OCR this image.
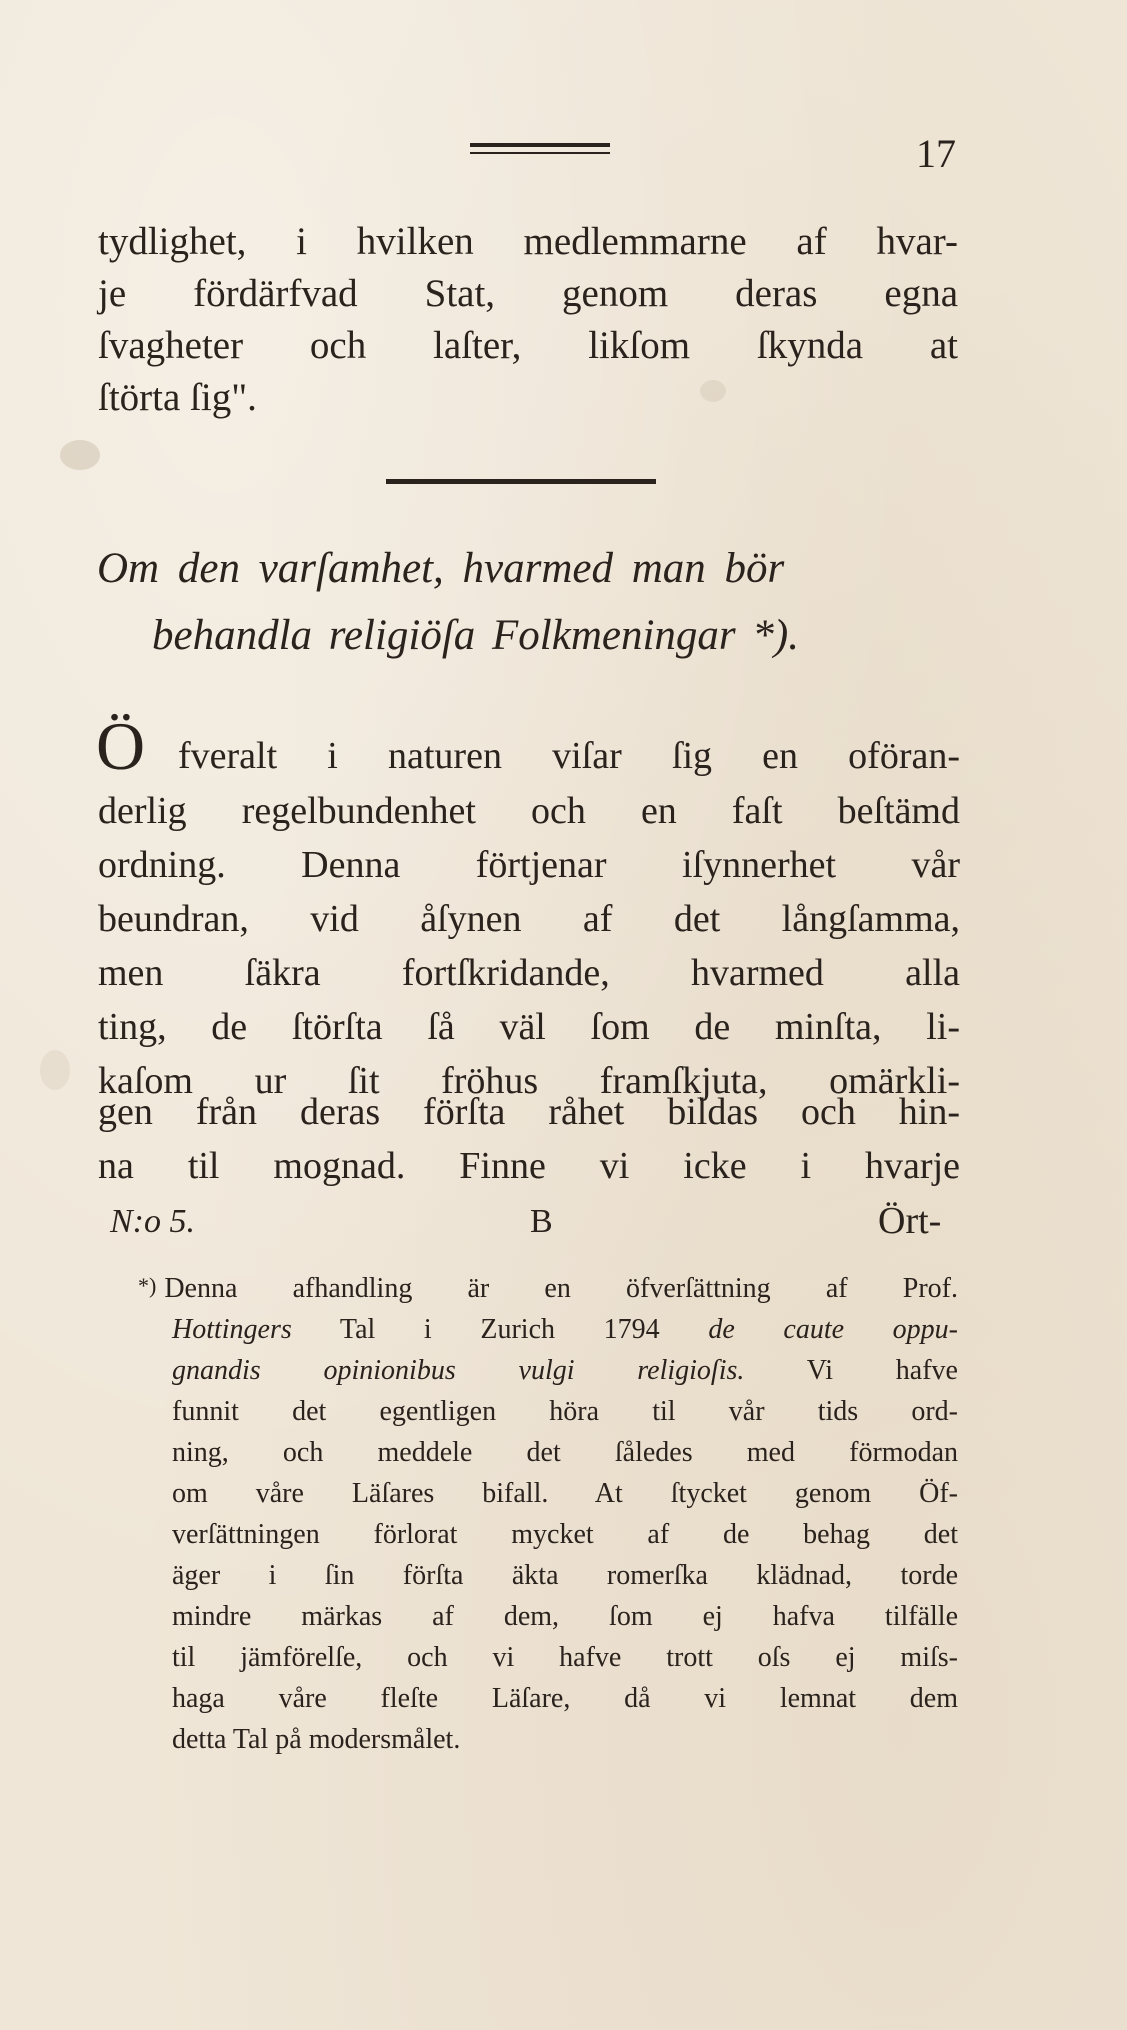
17
tydlighet, i hvilken medlemmarne af hvar-
je fördärfvad Stat, genom deras egna
ſvagheter och laſter, likſom ſkynda at
ſtörta ſig".
Om den varſamhet, hvarmed man bör
behandla religiöſa Folkmeningar *).
Ö fveralt i naturen viſar ſig en oföran-
derlig regelbundenhet och en faſt beſtämd
ordning. Denna förtjenar iſynnerhet vår
beundran, vid åſynen af det långſamma,
men ſäkra fortſkridande, hvarmed alla
ting, de ſtörſta ſå väl ſom de minſta, li-
kaſom ur ſit fröhus framſkjuta, omärkli-
gen från deras förſta råhet bildas och hin-
na til mognad. Finne vi icke i hvarje
N:o 5.	B	Ört-
*) Denna afhandling är en öfverſättning af Prof.
Hottingers Tal i Zurich 1794 de caute oppu-
gnandis opinionibus vulgi religioſis. Vi hafve
funnit det egentligen höra til vår tids ord-
ning, och meddele det ſåledes med förmodan
om våre Läſares bifall. At ſtycket genom Öf-
verſättningen förlorat mycket af de behag det
äger i ſin förſta äkta romerſka klädnad, torde
mindre märkas af dem, ſom ej hafva tilfälle
til jämförelſe, och vi hafve trott oſs ej miſs-
haga våre fleſte Läſare, då vi lemnat dem
detta Tal på modersmålet.
